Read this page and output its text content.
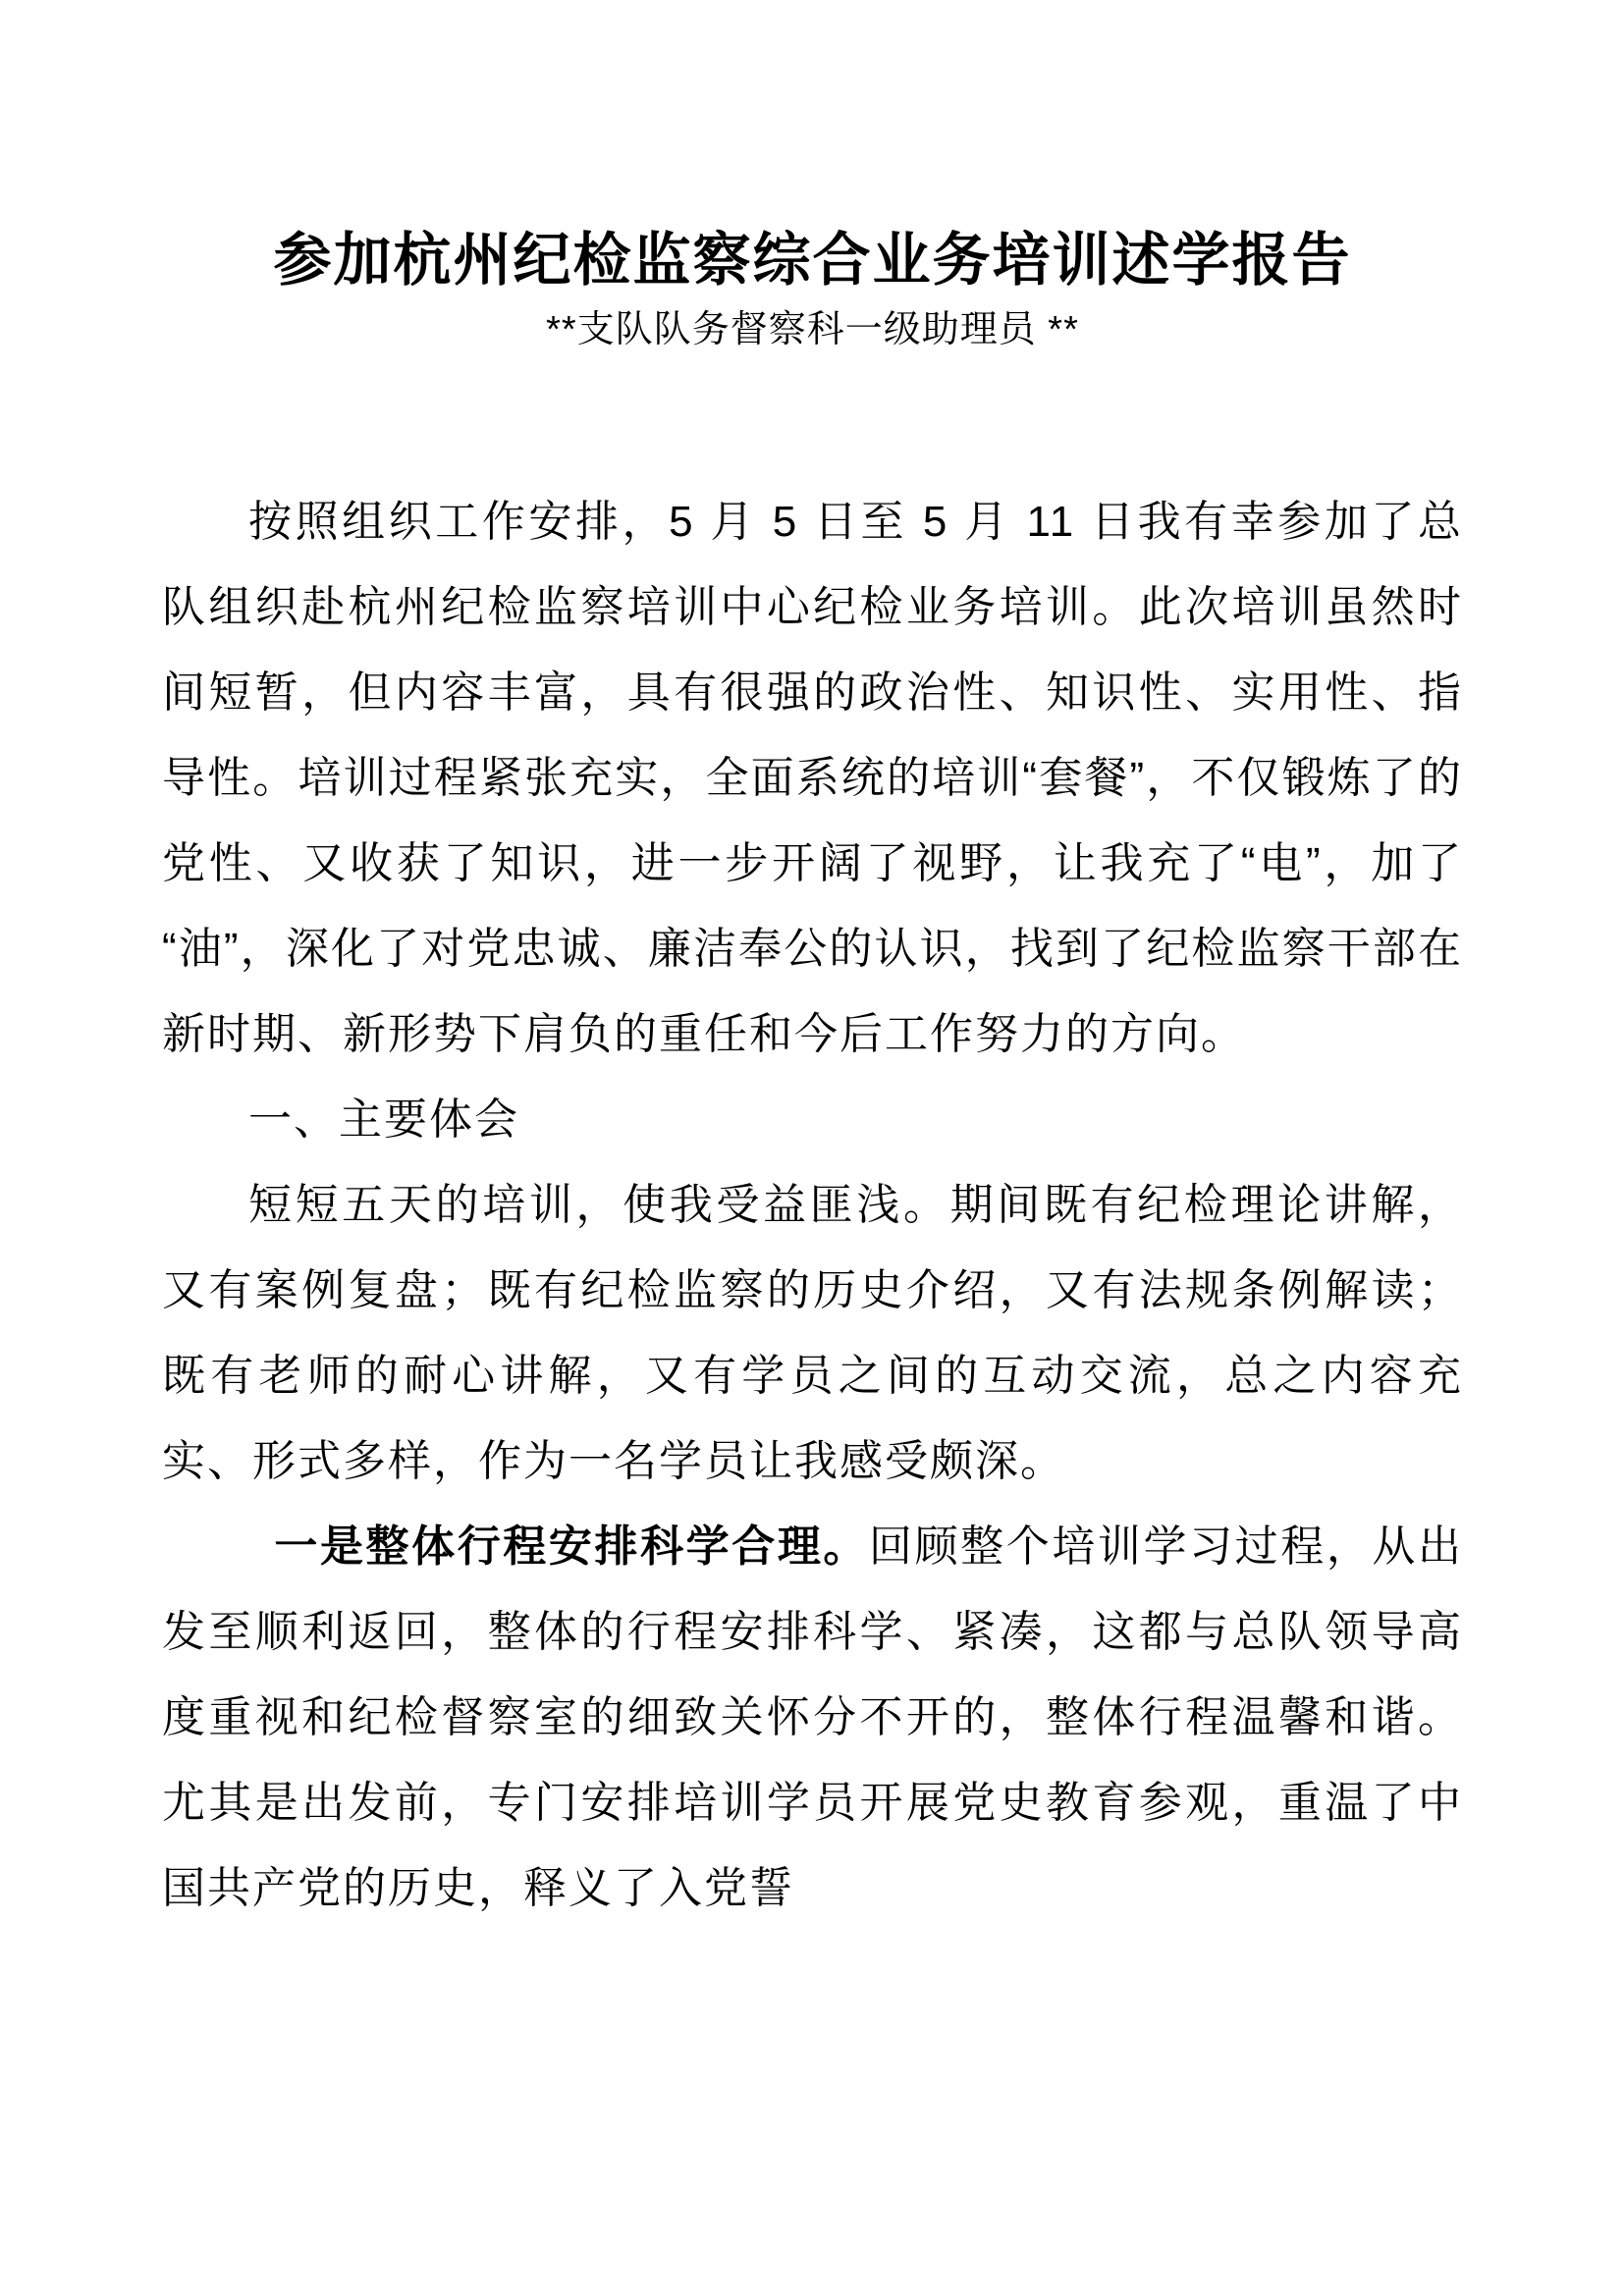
参加杭州纪检监察综合业务培训述学报告
**支队队务督察科一级助理员 **

按照组织工作安排，5 月 5 日至 5 月 11 日我有幸参加了总队组织赴杭州纪检监察培训中心纪检业务培训。此次培训虽然时间短暂，但内容丰富，具有很强的政治性、知识性、实用性、指导性。培训过程紧张充实，全面系统的培训“套餐”，不仅锻炼了的党性、又收获了知识，进一步开阔了视野，让我充了“电”，加了“油”，深化了对党忠诚、廉洁奉公的认识，找到了纪检监察干部在新时期、新形势下肩负的重任和今后工作努力的方向。

一、主要体会

短短五天的培训，使我受益匪浅。期间既有纪检理论讲解，又有案例复盘；既有纪检监察的历史介绍，又有法规条例解读；既有老师的耐心讲解，又有学员之间的互动交流，总之内容充实、形式多样，作为一名学员让我感受颇深。

一是整体行程安排科学合理。回顾整个培训学习过程，从出发至顺利返回，整体的行程安排科学、紧凑，这都与总队领导高度重视和纪检督察室的细致关怀分不开的，整体行程温馨和谐。尤其是出发前，专门安排培训学员开展党史教育参观，重温了中国共产党的历史，释义了入党誓
